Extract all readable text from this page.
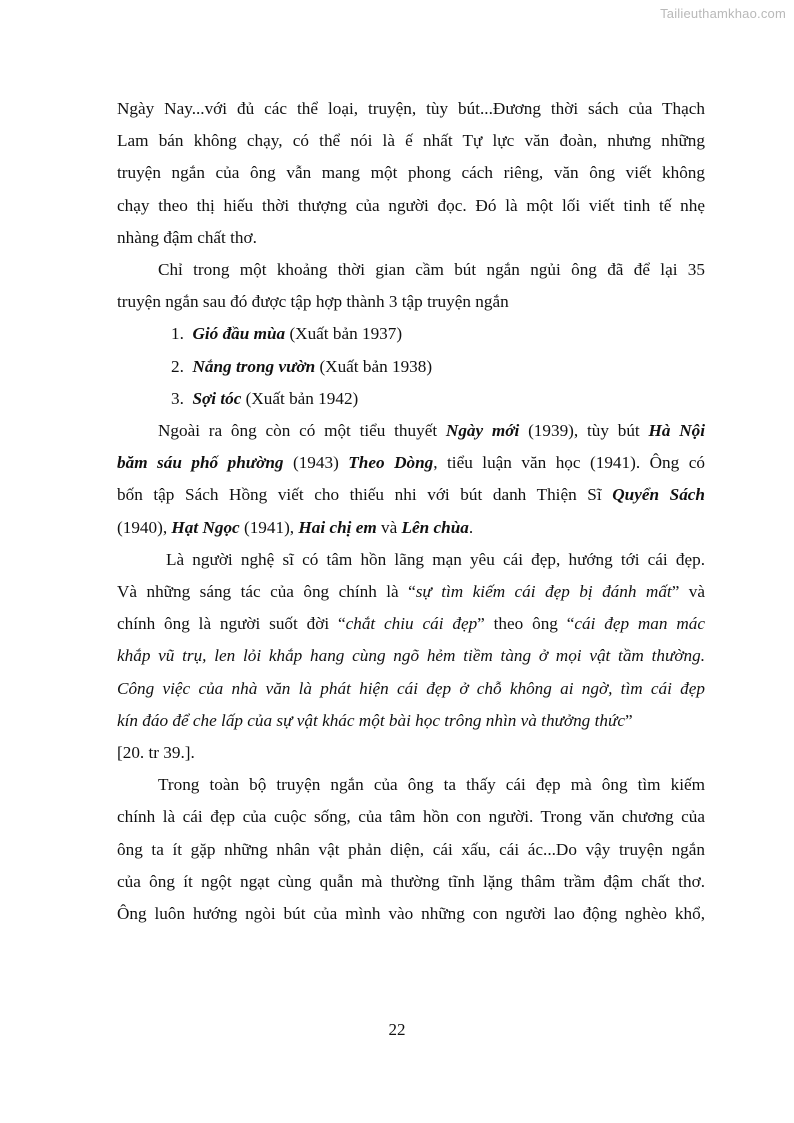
Tailieuthamkhao.com
Ngày Nay...với đủ các thể loại, truyện, tùy bút...Đương thời sách của Thạch
Lam bán không chạy, có thể nói là ế nhất Tự lực văn đoàn, nhưng những
truyện ngắn của ông vẫn mang một phong cách riêng, văn ông viết không
chạy theo thị hiếu thời thượng của người đọc. Đó là một lối viết tinh tế nhẹ
nhàng đậm chất thơ.
Chỉ trong một khoảng thời gian cầm bút ngắn ngủi ông đã để lại 35
truyện ngắn sau đó được tập hợp thành 3 tập truyện ngắn
1. Gió đầu mùa (Xuất bản 1937)
2. Nắng trong vườn (Xuất bản 1938)
3. Sợi tóc (Xuất bản 1942)
Ngoài ra ông còn có một tiểu thuyết Ngày mới (1939), tùy bút Hà Nội
băm sáu phố phường (1943) Theo Dòng, tiểu luận văn học (1941). Ông có
bốn tập Sách Hồng viết cho thiếu nhi với bút danh Thiện Sĩ Quyển Sách
(1940), Hạt Ngọc (1941), Hai chị em và Lên chùa.
Là người nghệ sĩ có tâm hồn lãng mạn yêu cái đẹp, hướng tới cái đẹp.
Và những sáng tác của ông chính là “sự tìm kiếm cái đẹp bị đánh mất” và
chính ông là người suốt đời “chắt chiu cái đẹp” theo ông “cái đẹp man mác
khắp vũ trụ, len lỏi khắp hang cùng ngõ hẻm tiềm tàng ở mọi vật tầm thường.
Công việc của nhà văn là phát hiện cái đẹp ở chỗ không ai ngờ, tìm cái đẹp
kín đáo để che lấp của sự vật khác một bài học trông nhìn và thưởng thức”
[20. tr 39.].
Trong toàn bộ truyện ngắn của ông ta thấy cái đẹp mà ông tìm kiếm
chính là cái đẹp của cuộc sống, của tâm hồn con người. Trong văn chương của
ông ta ít gặp những nhân vật phản diện, cái xấu, cái ác...Do vậy truyện ngắn
của ông ít ngột ngạt cùng quẫn mà thường tĩnh lặng thâm trầm đậm chất thơ.
Ông luôn hướng ngòi bút của mình vào những con người lao động nghèo khổ,
22
